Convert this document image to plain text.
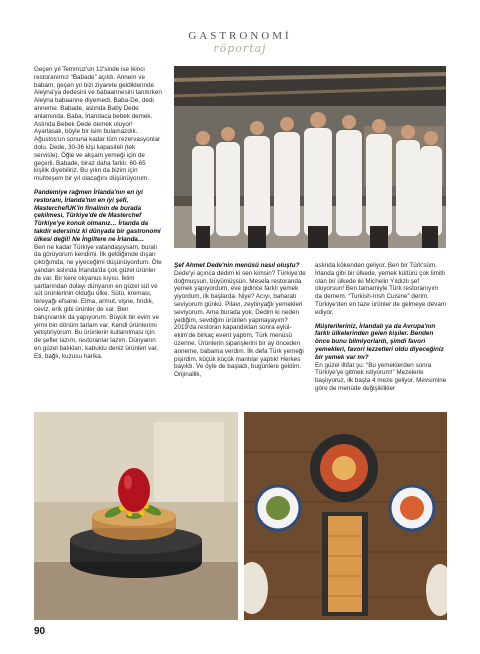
GASTRONOMİ
röportaj

Geçen yıl Temmuz'un 12'sinde ise ikinci restoranımız “Babade” açıldı. Annem ve babam, geçen yıl bizi ziyarete geldiklerinde Aleyna'ya dedesini ve babaannesini tanıtırken Aleyna babaanne diyemedi, Baba-De, dedi anneme. Babade, aslında Baby Dede anlamında. Baba, İrlandaca bebek demek. Aslında Bebek Dede demek oluyor! Ayarlasak, böyle bir isim bulamazdık. Ağustos'un sonuna kadar tüm rezervasyonlar dolu. Dede, 30-36 kişi kapasiteli (tek servisle). Öğle ve akşam yemeği için de geçerli. Babade, biraz daha farklı. 60-65 kişilik diyebiliriz. Bu yılın da bizim için muhteşem bir yıl olacağını düşünüyorum.

Pandemiye rağmen İrlanda'nın en iyi restoranı, İrlanda'nın en iyi şefi, MasterchefUK'in finalinin de burada çekilmesi, Türkiye'de de Masterchef Türkiye'ye konuk olmanız… İrlanda da takdir edersiniz ki dünyada bir gastronomi ülkesi değil! Ne İngiltere ne İrlanda…

Ben ne kadar Türkiye vatandaşıysam, buralı da görüyorum kendimi. İlk geldiğimde dışarı çıktığımda, ne yiyeceğimi düşünüyordum. Öte yandan aslında İrlanda'da çok güzel ürünler de var. Bir kere okyanus kıyısı. İklim şartlarından dolayı dünyanın en güzel süt ve süt ürünlerinin olduğu ülke. Sütü, kreması, tereyağı efsane. Elma, armut, vişne, fındık, ceviz, erik gibi ürünler de var. Ben bahçıvanlık da yapıyorum. Büyük bir evim ve yirmi bin dönüm tarlam var. Kendi ürünlerimi yetiştiriyorum. Bu ürünlerin kullanılması için de şefler lazım, restoranlar lazım. Dünyanın en güzel balıkları, kabuklu deniz ürünleri var. Eti, bağlı, kuzusu harika.

Şef Ahmet Dede'nin menüsü nasıl oluştu?

Dede'yi açınca dedim ki sen kimsin? Türkiye'de doğmuşsun, büyümüşsün. Mesela restoranda yemek yapıyordum, eve gidince farklı yemek yiyordum, ilk başlarda. Niye? Acıyı, baharatı seviyorum günkü. Pilavı, zeytinyağlı yemekleri seviyorum. Ama burada yok. Dedim ki neden yediğim, sevdiğim ürünleri yapmayayım? 2019'da restoran kapandıktan sonra eylül-ekim'de birkaç event yaptım, Türk menüsü üzerine. Ürünlerin siparişlerini bir ay önceden anneme, babama verdim. İlk defa Türk yemeği pişirdim, küçük küçük mantılar yaptık! Herkes bayıldı. Ve öyle de başladı, bugünlere geldim. Orijinallik,

aslında kökenden geliyor. Ben bir Türk'süm. İrlanda gibi bir ülkede, yemek kültürü çok limitli olan bir ülkede iki Michelin Yıldızlı şef oluyorsun! Ben tamamiyle Türk restoranıyım da demem. “Turkish-Irish Cuisine” derim. Türkiye'den en taze ürünler de gelmeye devam ediyor.

Müşterileriniz, İrlandalı ya da Avrupa'nın farklı ülkelerinden gelen kişiler. Benden önce bunu bilmiyorlardı, şimdi favori yemekleri, favori lezzetleri oldu diyeceğiniz bir yemek var mı?

En güzel iltifat şu: “Bu yemeklerden sonra Türkiye'ye gitmek istiyorum!” Mezelerle başlıyoruz, ilk başta 4 meze geliyor. Mevsimine göre de menüde değişiklikler

90
